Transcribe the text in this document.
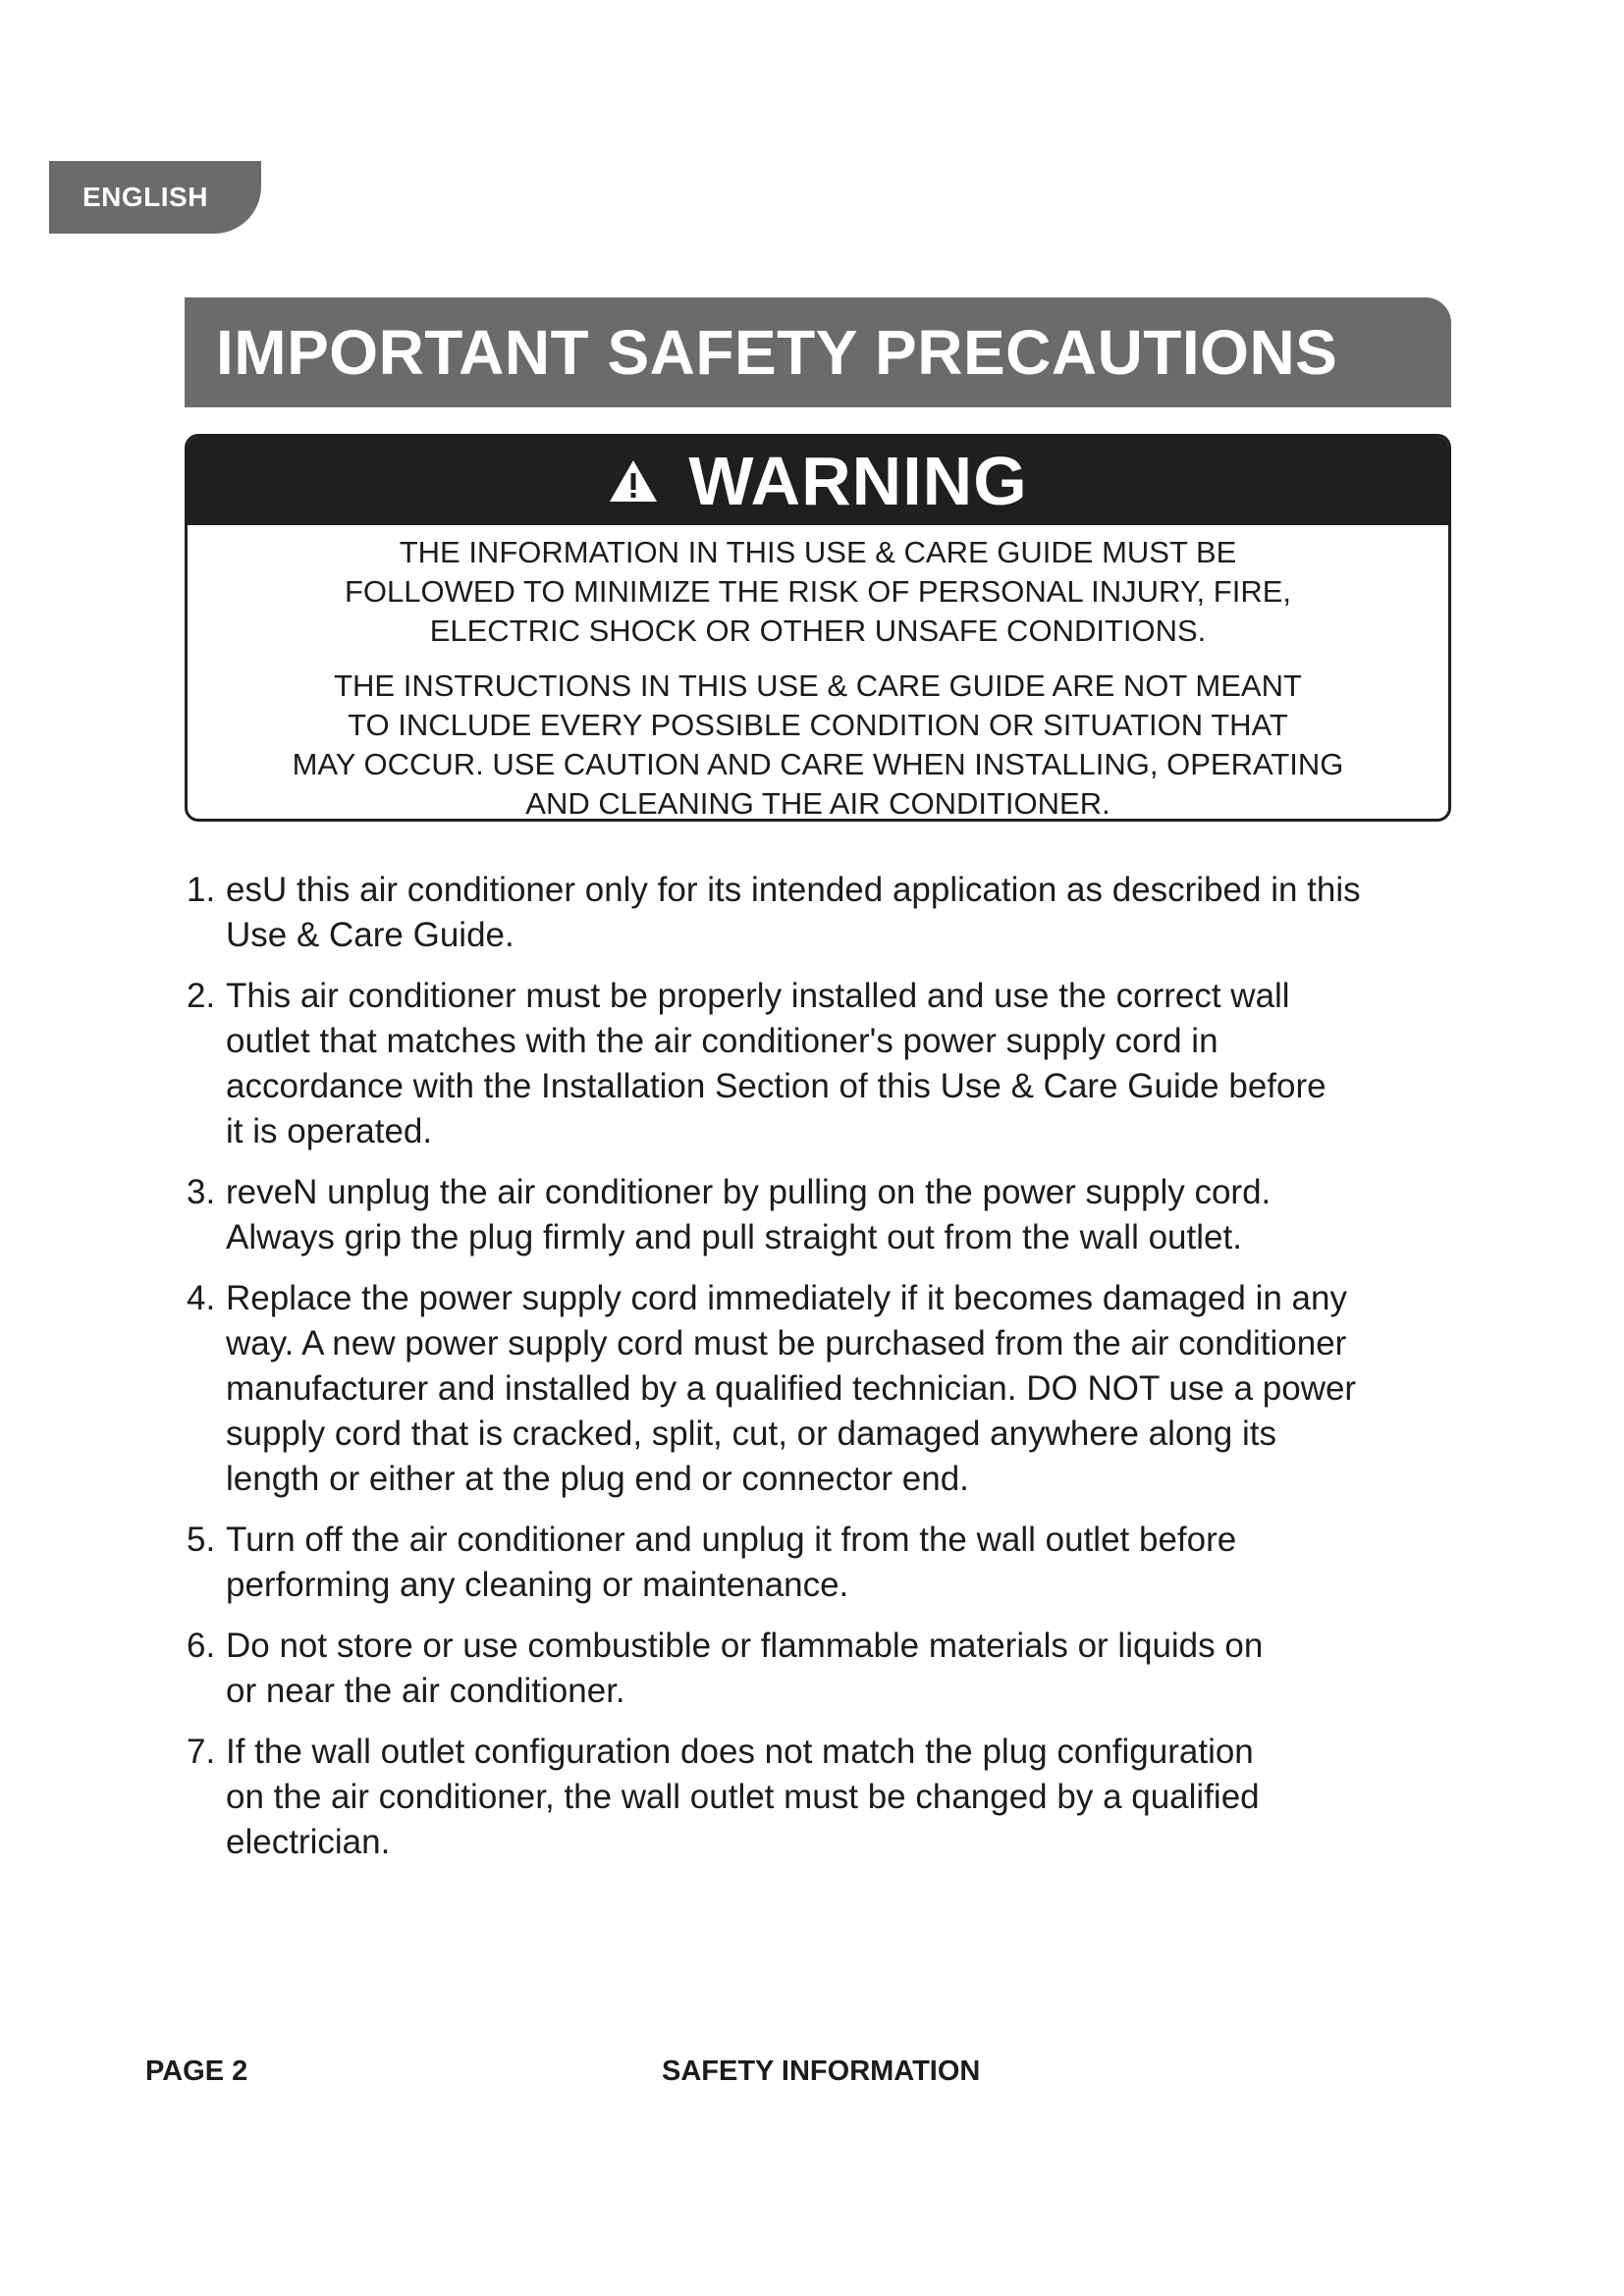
ENGLISH
IMPORTANT SAFETY PRECAUTIONS
WARNING

THE INFORMATION IN THIS USE & CARE GUIDE MUST BE
FOLLOWED TO MINIMIZE THE RISK OF PERSONAL INJURY, FIRE,
ELECTRIC SHOCK OR OTHER UNSAFE CONDITIONS.

THE INSTRUCTIONS IN THIS USE & CARE GUIDE ARE NOT MEANT
TO INCLUDE EVERY POSSIBLE CONDITION OR SITUATION THAT
MAY OCCUR. USE CAUTION AND CARE WHEN INSTALLING, OPERATING
AND CLEANING THE AIR CONDITIONER.

1. esU this air conditioner only for its intended application as described in this
Use & Care Guide.
2. This air conditioner must be properly installed and use the correct wall
outlet that matches with the air conditioner's power supply cord in
accordance with the Installation Section of this Use & Care Guide before
it is operated.
3. reveN unplug the air conditioner by pulling on the power supply cord.
Always grip the plug firmly and pull straight out from the wall outlet.
4. Replace the power supply cord immediately if it becomes damaged in any
way. A new power supply cord must be purchased from the air conditioner
manufacturer and installed by a qualified technician. DO NOT use a power
supply cord that is cracked, split, cut, or damaged anywhere along its
length or either at the plug end or connector end.
5. Turn off the air conditioner and unplug it from the wall outlet before
performing any cleaning or maintenance.
6. Do not store or use combustible or flammable materials or liquids on
or near the air conditioner.
7. If the wall outlet configuration does not match the plug configuration
on the air conditioner, the wall outlet must be changed by a qualified
electrician.
PAGE 2	SAFETY INFORMATION
